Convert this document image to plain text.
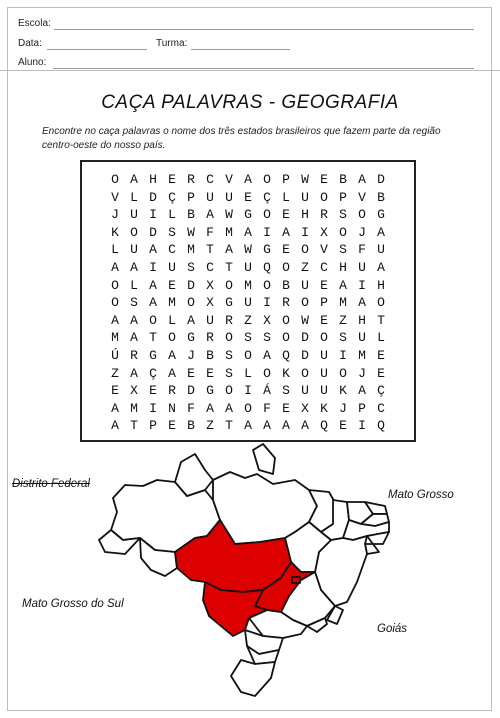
Escola:
Data:	Turma:
Aluno:
CAÇA PALAVRAS - GEOGRAFIA
Encontre no caça palavras o nome dos três estados brasileiros que fazem parte da região centro-oeste do nosso país.
O A H E R C V A O P W E B A D
V L D Ç P U U E Ç L U O P V B
J U I L B A W G O E H R S O G
K O D S W F M A I A I X O J A
L U A C M T A W G E O V S F U
A A I U S C T U Q O Z C H U A
O L A E D X O M O B U E A I H
O S A M O X G U I R O P M A O
A A O L A U R Z X O W E Z H T
M A T O G R O S S O D O S U L
Ú R G A J B S O A Q D U I M E
Z A Ç A E E S L O K O U O J E
E X E R D G O I Á S U U K A Ç
A M I N F A A O F E X K J P C
A T P E B Z T A A A A Q E I Q
Distrito Federal
Mato Grosso
Mato Grosso do Sul
Goiás
